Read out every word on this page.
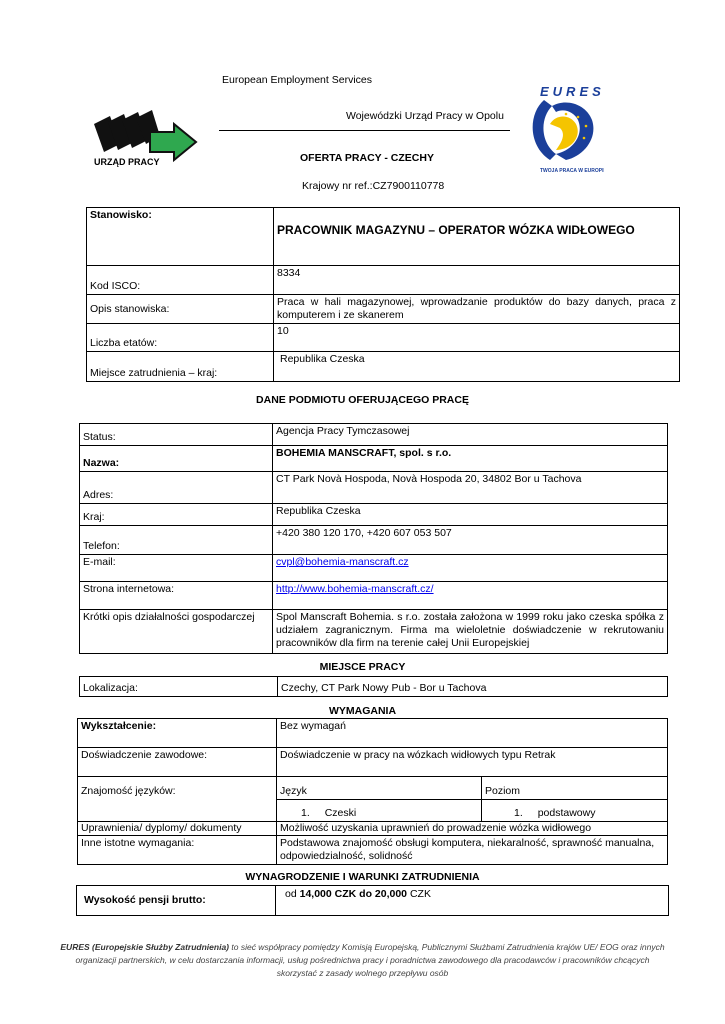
European Employment Services
Wojewódzki Urząd Pracy w Opolu
OFERTA PRACY - CZECHY
Krajowy nr ref.:CZ7900110778
URZĄD PRACY
EURES
TWOJA PRACA W EUROPIE
Stanowisko:	PRACOWNIK MAGAZYNU – OPERATOR WÓZKA WIDŁOWEGO
Kod ISCO:	8334
Opis stanowiska:	Praca w hali magazynowej, wprowadzanie produktów do bazy danych, praca z komputerem i ze skanerem
Liczba etatów:	10
Miejsce zatrudnienia – kraj:	Republika Czeska
DANE PODMIOTU OFERUJĄCEGO PRACĘ
Status:	Agencja Pracy Tymczasowej
Nazwa:	BOHEMIA MANSCRAFT, spol. s r.o.
Adres:	CT Park Novà Hospoda, Novà Hospoda 20, 34802 Bor u Tachova
Kraj:	Republika Czeska
Telefon:	+420 380 120 170, +420 607 053 507
E-mail:	cvpl@bohemia-manscraft.cz
Strona internetowa:	http://www.bohemia-manscraft.cz/
Krótki opis działalności gospodarczej	Spol Manscraft Bohemia. s r.o. została założona w 1999 roku jako czeska spółka z udziałem zagranicznym. Firma ma wieloletnie doświadczenie w rekrutowaniu pracowników dla firm na terenie całej Unii Europejskiej
MIEJSCE PRACY
Lokalizacja:	Czechy, CT Park Nowy Pub - Bor u Tachova
WYMAGANIA
Wykształcenie:	Bez wymagań	
Doświadczenie zawodowe:	Doświadczenie w pracy na wózkach widłowych typu Retrak	
Znajomość języków:	Język	Poziom
	1. Czeski	1. podstawowy
Uprawnienia/ dyplomy/ dokumenty	Możliwość uzyskania uprawnień do prowadzenie wózka widłowego	
Inne istotne wymagania:	Podstawowa znajomość obsługi komputera, niekaralność, sprawność manualna, odpowiedzialność, solidność	
WYNAGRODZENIE I WARUNKI ZATRUDNIENIA
Wysokość pensji brutto:	od 14,000 CZK do 20,000 CZK
EURES (Europejskie Służby Zatrudnienia) to sieć współpracy pomiędzy Komisją Europejską, Publicznymi Służbami Zatrudnienia krajów UE/ EOG oraz innych organizacji partnerskich, w celu dostarczania informacji, usług pośrednictwa pracy i poradnictwa zawodowego dla pracodawców i pracowników chcących skorzystać z zasady wolnego przepływu osób
